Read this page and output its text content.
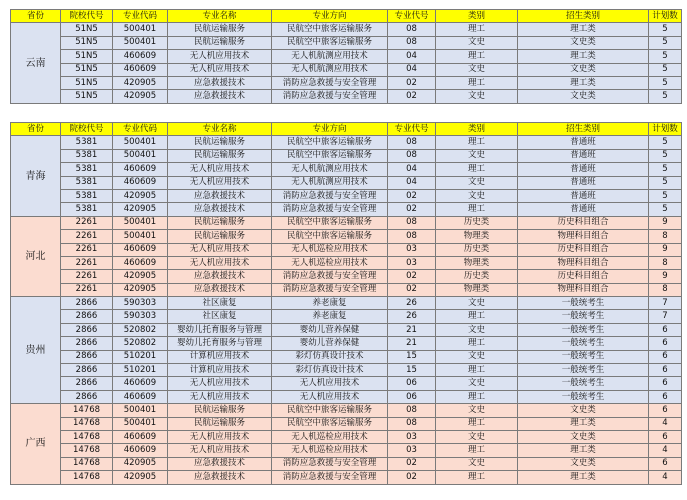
省份	院校代号	专业代码	专业名称	专业方向	专业代号	类别	招生类别	计划数
云南	51N5	500401	民航运输服务	民航空中旅客运输服务	08	理工	理工类	5
	51N5	500401	民航运输服务	民航空中旅客运输服务	08	文史	文史类	5
	51N5	460609	无人机应用技术	无人机航测应用技术	04	理工	理工类	5
	51N5	460609	无人机应用技术	无人机航测应用技术	04	文史	文史类	5
	51N5	420905	应急救援技术	消防应急救援与安全管理	02	理工	理工类	5
	51N5	420905	应急救援技术	消防应急救援与安全管理	02	文史	文史类	5
省份	院校代号	专业代码	专业名称	专业方向	专业代号	类别	招生类别	计划数
青海	5381	500401	民航运输服务	民航空中旅客运输服务	08	理工	普通班	5
	5381	500401	民航运输服务	民航空中旅客运输服务	08	文史	普通班	5
	5381	460609	无人机应用技术	无人机航测应用技术	04	理工	普通班	5
	5381	460609	无人机应用技术	无人机航测应用技术	04	文史	普通班	5
	5381	420905	应急救援技术	消防应急救援与安全管理	02	文史	普通班	5
	5381	420905	应急救援技术	消防应急救援与安全管理	02	理工	普通班	5
河北	2261	500401	民航运输服务	民航空中旅客运输服务	08	历史类	历史科目组合	9
	2261	500401	民航运输服务	民航空中旅客运输服务	08	物理类	物理科目组合	8
	2261	460609	无人机应用技术	无人机巡检应用技术	03	历史类	历史科目组合	9
	2261	460609	无人机应用技术	无人机巡检应用技术	03	物理类	物理科目组合	8
	2261	420905	应急救援技术	消防应急救援与安全管理	02	历史类	历史科目组合	9
	2261	420905	应急救援技术	消防应急救援与安全管理	02	物理类	物理科目组合	8
贵州	2866	590303	社区康复	养老康复	26	文史	一般统考生	7
	2866	590303	社区康复	养老康复	26	理工	一般统考生	7
	2866	520802	婴幼儿托育服务与管理	婴幼儿营养保健	21	文史	一般统考生	6
	2866	520802	婴幼儿托育服务与管理	婴幼儿营养保健	21	理工	一般统考生	6
	2866	510201	计算机应用技术	彩灯仿真设计技术	15	文史	一般统考生	6
	2866	510201	计算机应用技术	彩灯仿真设计技术	15	理工	一般统考生	6
	2866	460609	无人机应用技术	无人机应用技术	06	文史	一般统考生	6
	2866	460609	无人机应用技术	无人机应用技术	06	理工	一般统考生	6
广西	14768	500401	民航运输服务	民航空中旅客运输服务	08	文史	文史类	6
	14768	500401	民航运输服务	民航空中旅客运输服务	08	理工	理工类	4
	14768	460609	无人机应用技术	无人机巡检应用技术	03	文史	文史类	6
	14768	460609	无人机应用技术	无人机巡检应用技术	03	理工	理工类	4
	14768	420905	应急救援技术	消防应急救援与安全管理	02	文史	文史类	6
	14768	420905	应急救援技术	消防应急救援与安全管理	02	理工	理工类	4
